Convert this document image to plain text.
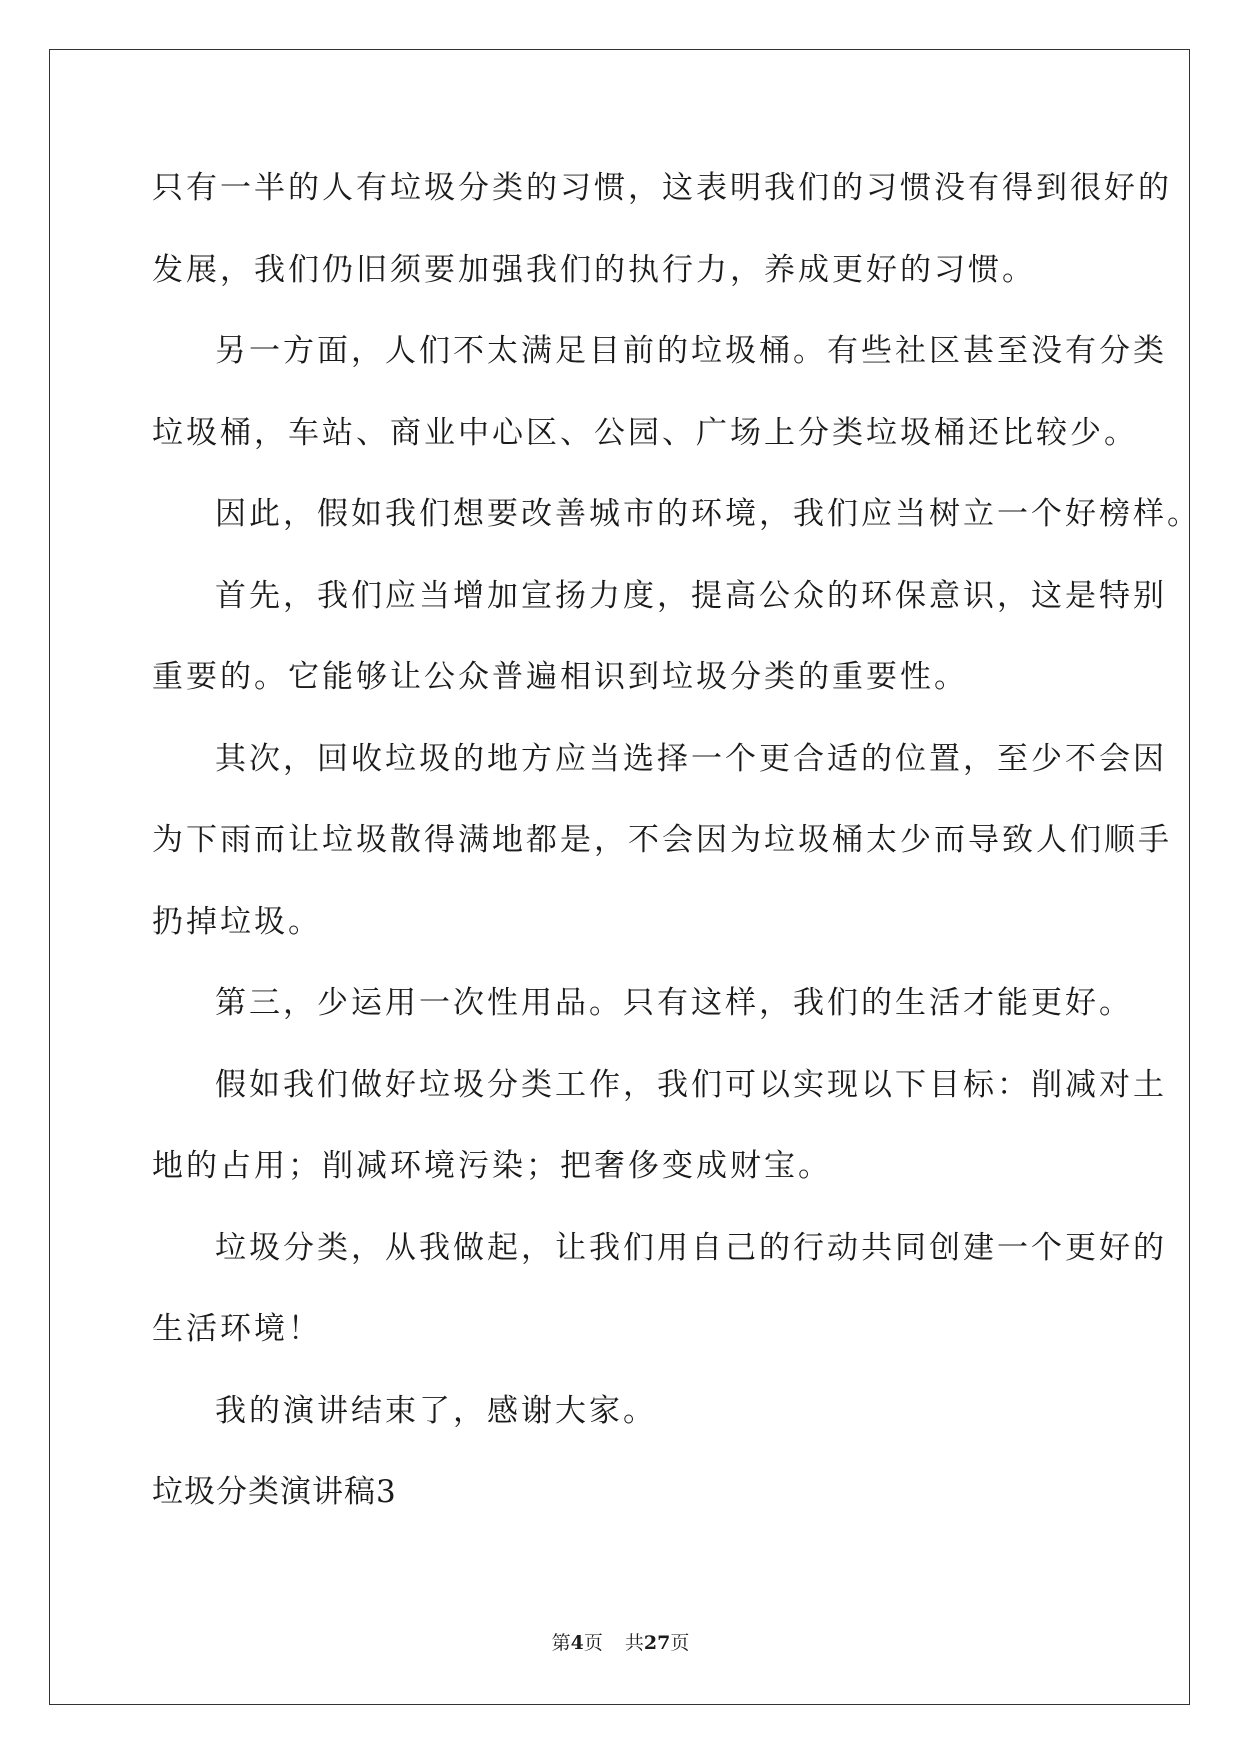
只有一半的人有垃圾分类的习惯，这表明我们的习惯没有得到很好的
发展，我们仍旧须要加强我们的执行力，养成更好的习惯。
另一方面，人们不太满足目前的垃圾桶。有些社区甚至没有分类
垃圾桶，车站、商业中心区、公园、广场上分类垃圾桶还比较少。
因此，假如我们想要改善城市的环境，我们应当树立一个好榜样。
首先，我们应当增加宣扬力度，提高公众的环保意识，这是特别
重要的。它能够让公众普遍相识到垃圾分类的重要性。
其次，回收垃圾的地方应当选择一个更合适的位置，至少不会因
为下雨而让垃圾散得满地都是，不会因为垃圾桶太少而导致人们顺手
扔掉垃圾。
第三，少运用一次性用品。只有这样，我们的生活才能更好。
假如我们做好垃圾分类工作，我们可以实现以下目标：削减对土
地的占用；削减环境污染；把奢侈变成财宝。
垃圾分类，从我做起，让我们用自己的行动共同创建一个更好的
生活环境！
我的演讲结束了，感谢大家。
垃圾分类演讲稿3
第4页 共27页
